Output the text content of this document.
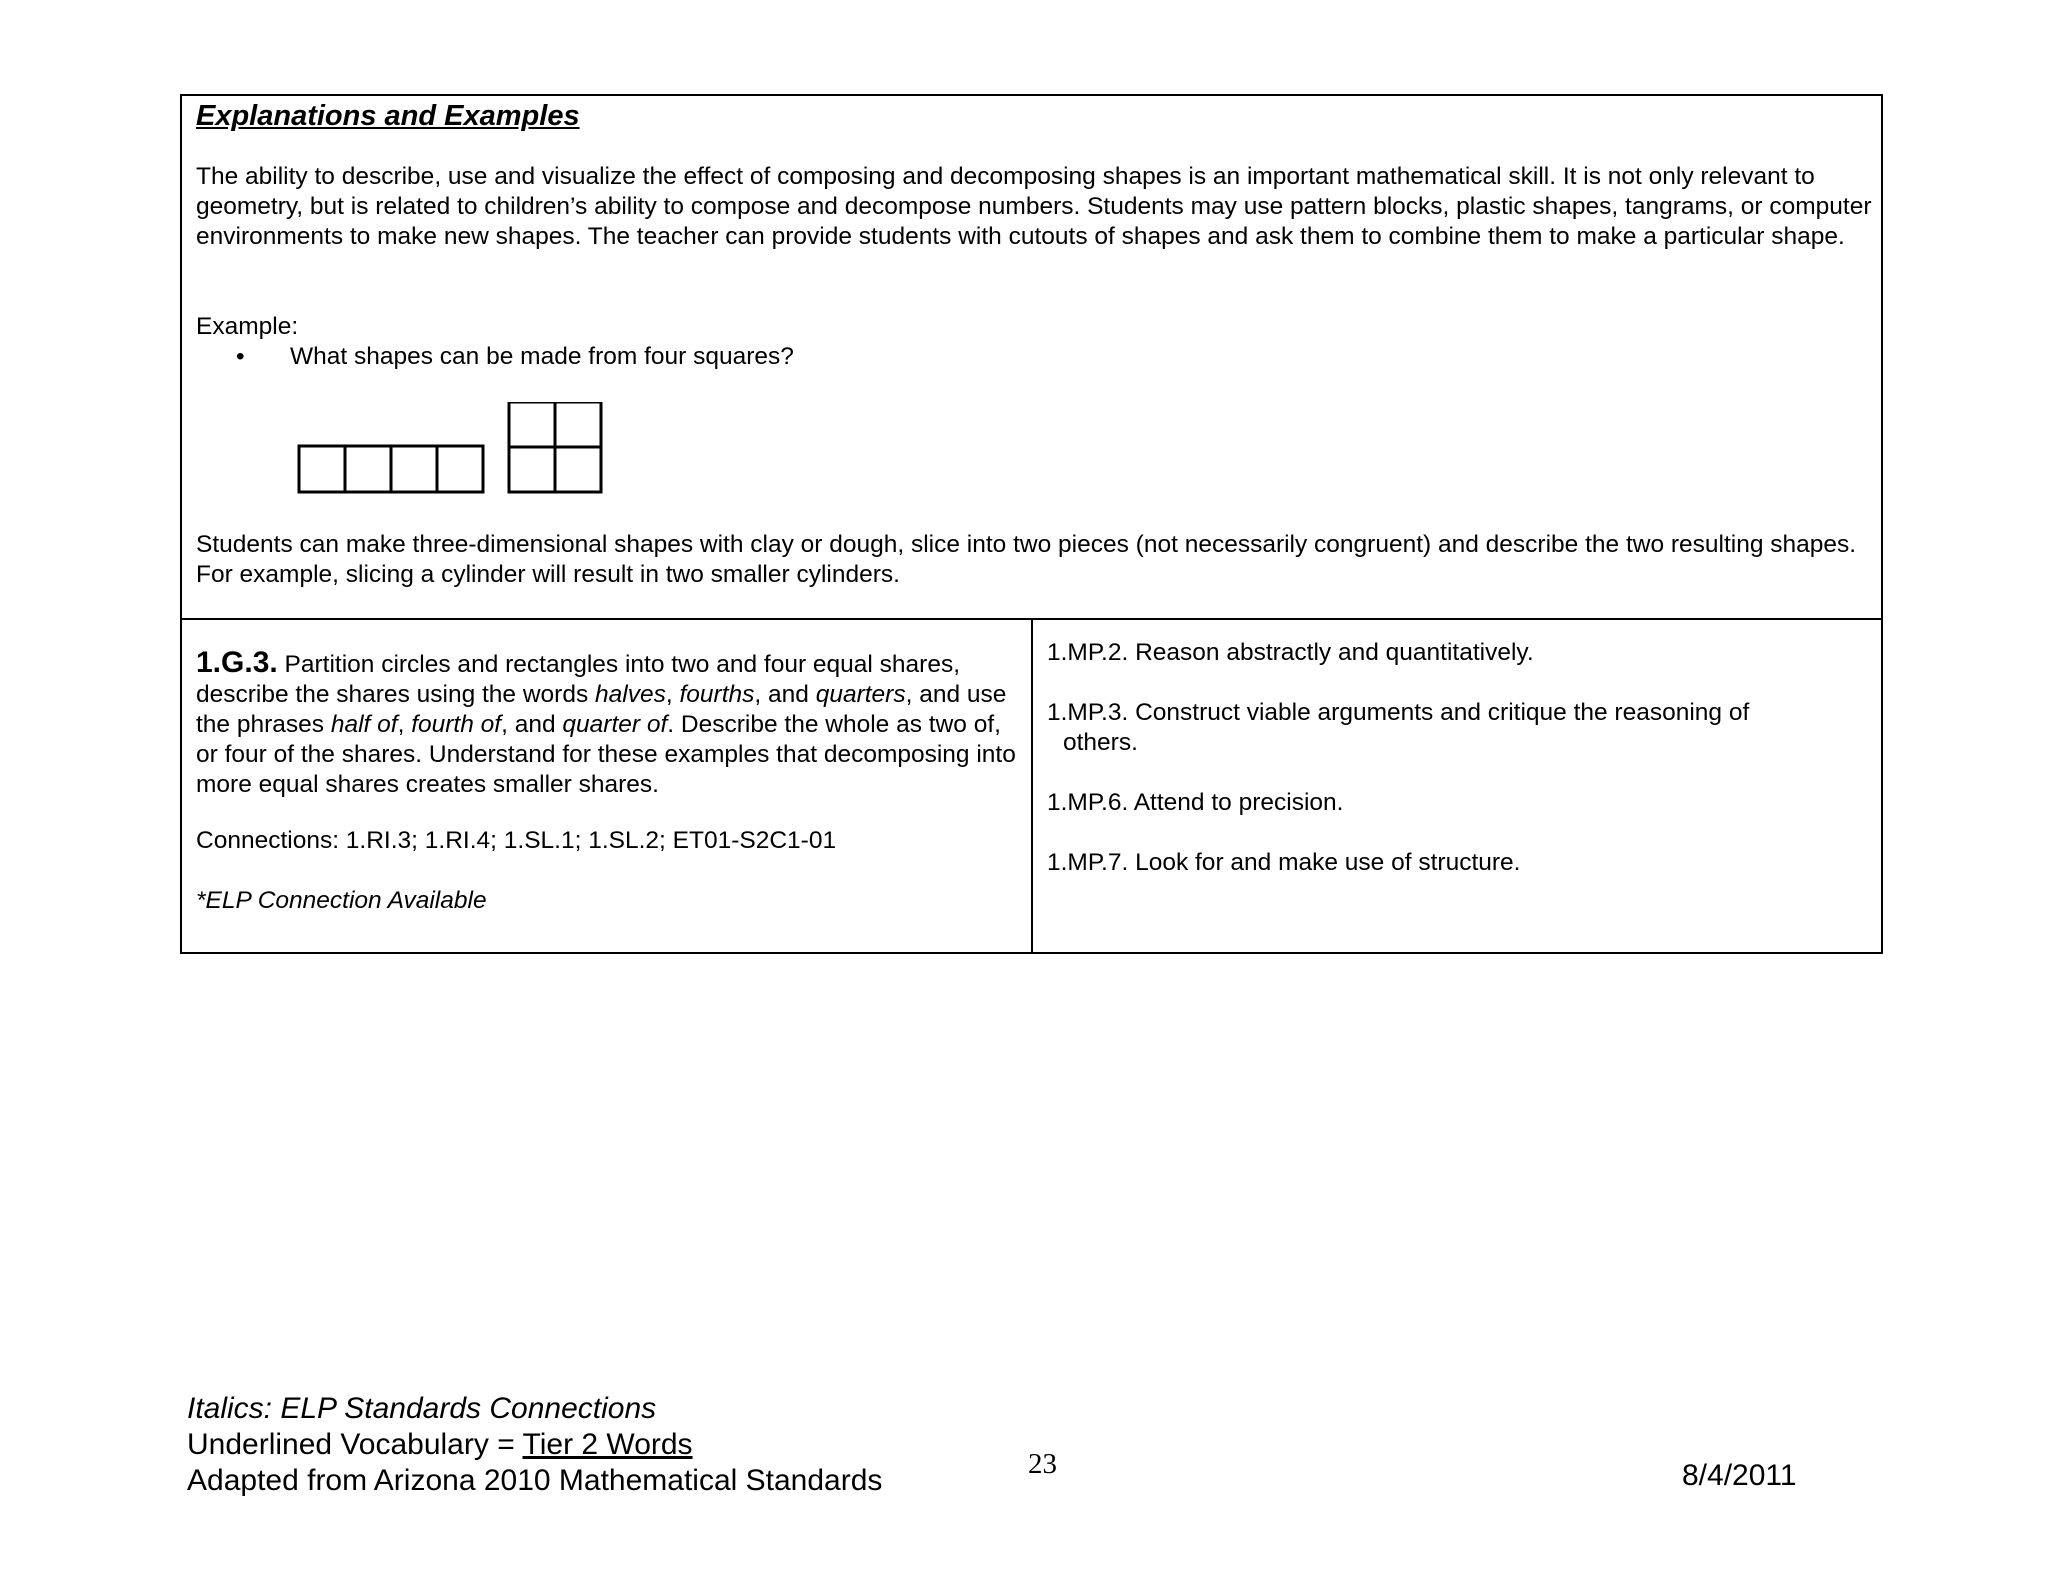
Explanations and Examples

The ability to describe, use and visualize the effect of composing and decomposing shapes is an important mathematical skill. It is not only relevant to geometry, but is related to children’s ability to compose and decompose numbers. Students may use pattern blocks, plastic shapes, tangrams, or computer environments to make new shapes. The teacher can provide students with cutouts of shapes and ask them to combine them to make a particular shape.

Example:

• What shapes can be made from four squares?

Students can make three-dimensional shapes with clay or dough, slice into two pieces (not necessarily congruent) and describe the two resulting shapes. For example, slicing a cylinder will result in two smaller cylinders.

1.G.3. Partition circles and rectangles into two and four equal shares, describe the shares using the words halves, fourths, and quarters, and use the phrases half of, fourth of, and quarter of. Describe the whole as two of, or four of the shares. Understand for these examples that decomposing into more equal shares creates smaller shares.

Connections: 1.RI.3; 1.RI.4; 1.SL.1; 1.SL.2; ET01-S2C1-01

*ELP Connection Available

1.MP.2. Reason abstractly and quantitatively.

1.MP.3. Construct viable arguments and critique the reasoning of
others.

1.MP.6. Attend to precision.

1.MP.7. Look for and make use of structure.

Italics: ELP Standards Connections
Underlined Vocabulary = Tier 2 Words
Adapted from Arizona 2010 Mathematical Standards	23	8/4/2011
